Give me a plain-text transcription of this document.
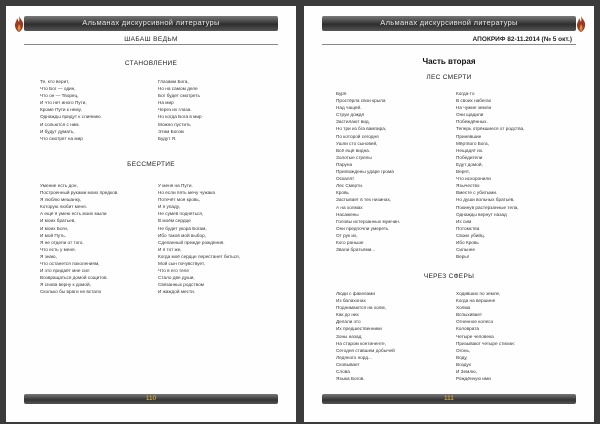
Альманах дискурсивной литературы
ШАБАШ ВЕДЬМ
СТАНОВЛЕНИЕ
Те, кто верит,
Что Бог — один,
Что он — Творец,
И что нет иного Пути,
Кроме Пути к нему,
Однажды придут к слиянию
И сольются с ним.
И будут думать,
Что смотрят на мир
Глазами Бога,
Но на самом деле
Бог будет смотреть
На мир
Через их глаза.
Но когда Бога в мир
Можно пустить
Этим Богом
Будут Я.
БЕССМЕРТИЕ
Умение есть дон,
Построенный руками моих предков.
Я люблю мешанку,
Которую любит меня.
А ещё я умею есть моих мыли
И моих братьев,
И моих Боги,
И мой Путь.
Я не отдели от того,
Что есть у меня.
Я знаю,
Что останется поколениям,
И это придаёт мне сил
Возвращаться домой сощитов.
Я снова верну к домой,
Сколько бы враги не встало
У меня на Пути.
Но если пять мечу чужака
Потечёт моя кровь,
И я упаду,
Не сумев подняться,
В моём сердце
Не будет укора Богам,
Ибо таков мой выбор,
Сделанный прежде рождения.
И я тот же,
Когда моё сердце перестанет биться,
Мой сын почувствует,
Что в его теле
Стало две души,
Связанных родством
И жаждой мести.
110
Альманах дискурсивной литературы
АПОКРИФ 82-11.2014 (№ 5 окт.)
Часть вторая
ЛЕС СМЕРТИ
Буря
Простёрла свои крыла
Над чащей.
Струи дождя
Застилают вид.
Но три из бга вампира,
По которой сегодня
Ушли сто сыновей,
Всё ещё видна.
Золотые стрелы
Паруна
Пригвождены ударе грома
Оскалят
Лес Смерти.
Кровь
Застывает в тех низинах,
А на холмах
Насажены
Головы истерзанных мужчин.
Они предпочли умереть
От рук их,
Кого раньше
Звали братьями...
Когда-то
В своих набегах
На чужие земли
Они щадили
Побеждённых.
Теперь отрёкшиеся от родства,
Принявшие
Мёртвого Бога,
Нещадят их.
Победители
Едут домой,
Верят,
Что исхоронили
Язычество
Вместе с убитыми.
Но души вольных братьев,
Покинув растерзанные тела,
Однажды вернут назад
Их сим
Потомства
Своих убийц.
Ибо Кровь
Сильнее
Веры!
ЧЕРЕЗ СФЕРЫ
Люди с факелами
Из балахонах
Поднимаются на холм,
Как до них
Делали это
Их предшественники
Зоны назад.
На старом континенте,
Сегодня ставшем добычей
Ледяного норд...
Сковывает
Слова
Языка Богов.
Ходивших по земле,
Когда на вершине
Холма
Вспыхивает
Огненное колесо
Коловрата
Четыре человека
Призывают четыре стихии:
Огонь,
Воду,
Воздух
И Землю,
Рождённую ими
111
